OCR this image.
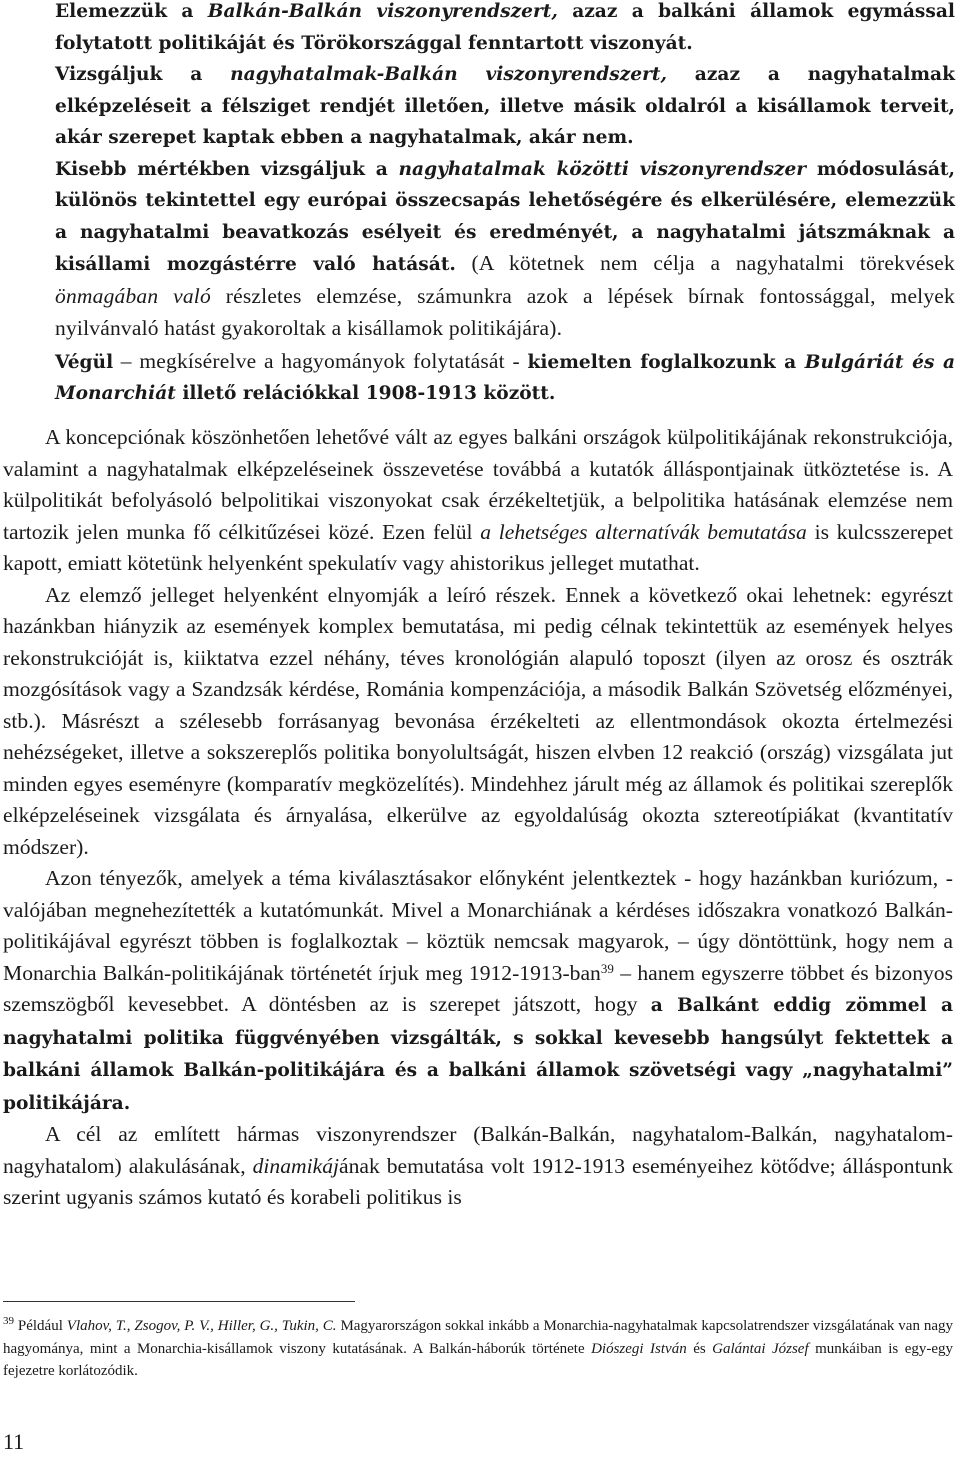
Elemezzük a Balkán-Balkán viszonyrendszert, azaz a balkáni államok egymással folytatott politikáját és Törökországgal fenntartott viszonyát.

Vizsgáljuk a nagyhatalmak-Balkán viszonyrendszert, azaz a nagyhatalmak elképzeléseit a félsziget rendjét illetően, illetve másik oldalról a kisállamok terveit, akár szerepet kaptak ebben a nagyhatalmak, akár nem.

Kisebb mértékben vizsgáljuk a nagyhatalmak közötti viszonyrendszer módosulását, különös tekintettel egy európai összecsapás lehetőségére és elkerülésére, elemezzük a nagyhatalmi beavatkozás esélyeit és eredményét, a nagyhatalmi játszmáknak a kisállami mozgástérre való hatását. (A kötetnek nem célja a nagyhatalmi törekvések önmagában való részletes elemzése, számunkra azok a lépések bírnak fontossággal, melyek nyilvánvaló hatást gyakoroltak a kisállamok politikájára).

Végül – megkísérelve a hagyományok folytatását - kiemelten foglalkozunk a Bulgáriát és a Monarchiát illető relációkkal 1908-1913 között.

A koncepciónak köszönhetően lehetővé vált az egyes balkáni országok külpolitikájának rekonstrukciója, valamint a nagyhatalmak elképzeléseinek összevetése továbbá a kutatók álláspontjainak ütköztetése is. A külpolitikát befolyásoló belpolitikai viszonyokat csak érzékeltetjük, a belpolitika hatásának elemzése nem tartozik jelen munka fő célkitűzései közé. Ezen felül a lehetséges alternatívák bemutatása is kulcsszerepet kapott, emiatt kötetünk helyenként spekulatív vagy ahistorikus jelleget mutathat.

Az elemző jelleget helyenként elnyomják a leíró részek. Ennek a következő okai lehetnek: egyrészt hazánkban hiányzik az események komplex bemutatása, mi pedig célnak tekintettük az események helyes rekonstrukcióját is, kiiktatva ezzel néhány, téves kronológián alapuló toposzt (ilyen az orosz és osztrák mozgósítások vagy a Szandzsák kérdése, Románia kompenzációja, a második Balkán Szövetség előzményei, stb.). Másrészt a szélesebb forrásanyag bevonása érzékelteti az ellentmondások okozta értelmezési nehézségeket, illetve a sokszereplős politika bonyolultságát, hiszen elvben 12 reakció (ország) vizsgálata jut minden egyes eseményre (komparatív megközelítés). Mindehhez járult még az államok és politikai szereplők elképzeléseinek vizsgálata és árnyalása, elkerülve az egyoldalúság okozta sztereotípiákat (kvantitatív módszer).

Azon tényezők, amelyek a téma kiválasztásakor előnyként jelentkeztek - hogy hazánkban kuriózum, - valójában megnehezítették a kutatómunkát. Mivel a Monarchiának a kérdéses időszakra vonatkozó Balkán-politikájával egyrészt többen is foglalkoztak – köztük nemcsak magyarok, – úgy döntöttünk, hogy nem a Monarchia Balkán-politikájának történetét írjuk meg 1912-1913-ban$^{39}$ – hanem egyszerre többet és bizonyos szemszögből kevesebbet. A döntésben az is szerepet játszott, hogy a Balkánt eddig zömmel a nagyhatalmi politika függvényében vizsgálták, s sokkal kevesebb hangsúlyt fektettek a balkáni államok Balkán-politikájára és a balkáni államok szövetségi vagy „nagyhatalmi” politikájára.

A cél az említett hármas viszonyrendszer (Balkán-Balkán, nagyhatalom-Balkán, nagyhatalom-nagyhatalom) alakulásának, dinamikájának bemutatása volt 1912-1913 eseményeihez kötődve; álláspontunk szerint ugyanis számos kutató és korabeli politikus is

$^{39}$ Például Vlahov, T., Zsogov, P. V., Hiller, G., Tukin, C. Magyarországon sokkal inkább a Monarchia-nagyhatalmak kapcsolatrendszer vizsgálatának van nagy hagyománya, mint a Monarchia-kisállamok viszony kutatásának. A Balkán-háborúk története Diószegi István és Galántai József munkáiban is egy-egy fejezetre korlátozódik.
11
